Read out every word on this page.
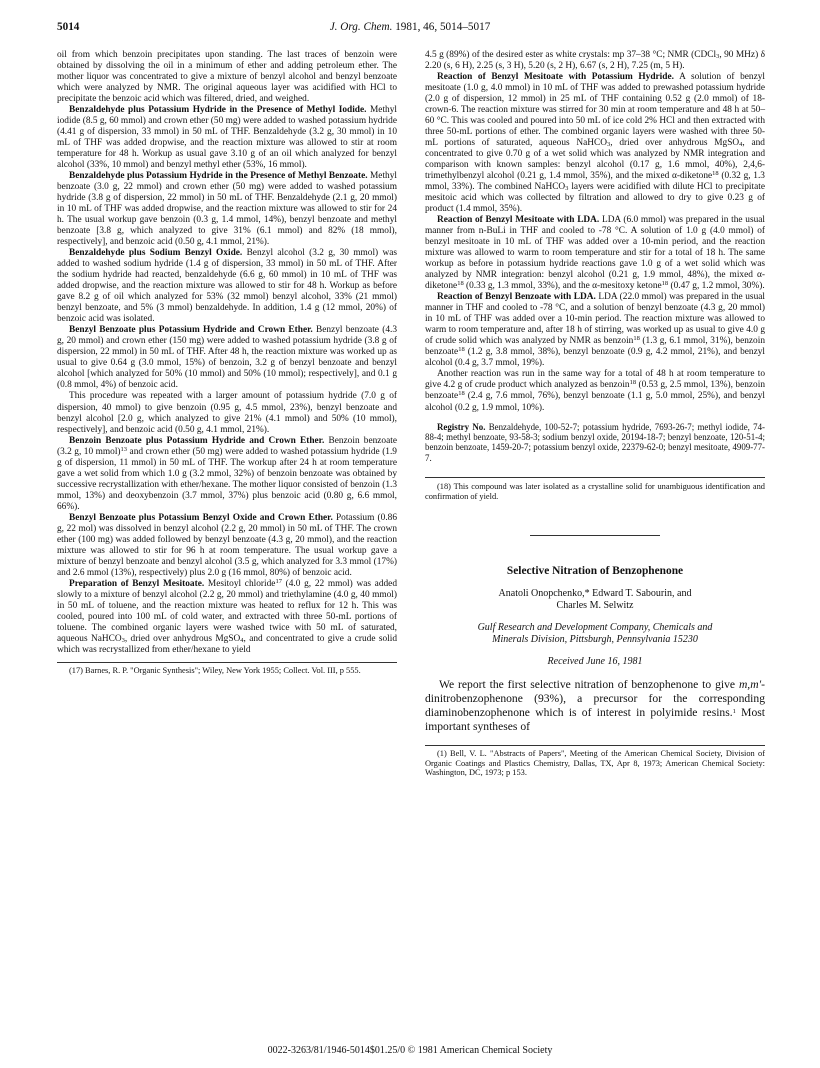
5014	J. Org. Chem. 1981, 46, 5014–5017

oil from which benzoin precipitates upon standing. The last traces of benzoin were obtained by dissolving the oil in a minimum of ether and adding petroleum ether. The mother liquor was concentrated to give a mixture of benzyl alcohol and benzyl benzoate which were analyzed by NMR. The original aqueous layer was acidified with HCl to precipitate the benzoic acid which was filtered, dried, and weighed.

Benzaldehyde plus Potassium Hydride in the Presence of Methyl Iodide. Methyl iodide (8.5 g, 60 mmol) and crown ether (50 mg) were added to washed potassium hydride (4.41 g of dispersion, 33 mmol) in 50 mL of THF. Benzaldehyde (3.2 g, 30 mmol) in 10 mL of THF was added dropwise, and the reaction mixture was allowed to stir at room temperature for 48 h. Workup as usual gave 3.10 g of an oil which analyzed for benzyl alcohol (33%, 10 mmol) and benzyl methyl ether (53%, 16 mmol).

Benzaldehyde plus Potassium Hydride in the Presence of Methyl Benzoate. Methyl benzoate (3.0 g, 22 mmol) and crown ether (50 mg) were added to washed potassium hydride (3.8 g of dispersion, 22 mmol) in 50 mL of THF. Benzaldehyde (2.1 g, 20 mmol) in 10 mL of THF was added dropwise, and the reaction mixture was allowed to stir for 24 h. The usual workup gave benzoin (0.3 g, 1.4 mmol, 14%), benzyl benzoate and methyl benzoate [3.8 g, which analyzed to give 31% (6.1 mmol) and 82% (18 mmol), respectively], and benzoic acid (0.50 g, 4.1 mmol, 21%).

Benzaldehyde plus Sodium Benzyl Oxide. Benzyl alcohol (3.2 g, 30 mmol) was added to washed sodium hydride (1.4 g of dispersion, 33 mmol) in 50 mL of THF. After the sodium hydride had reacted, benzaldehyde (6.6 g, 60 mmol) in 10 mL of THF was added dropwise, and the reaction mixture was allowed to stir for 48 h. Workup as before gave 8.2 g of oil which analyzed for 53% (32 mmol) benzyl alcohol, 33% (21 mmol) benzyl benzoate, and 5% (3 mmol) benzaldehyde. In addition, 1.4 g (12 mmol, 20%) of benzoic acid was isolated.

Benzyl Benzoate plus Potassium Hydride and Crown Ether. Benzyl benzoate (4.3 g, 20 mmol) and crown ether (150 mg) were added to washed potassium hydride (3.8 g of dispersion, 22 mmol) in 50 mL of THF. After 48 h, the reaction mixture was worked up as usual to give 0.64 g (3.0 mmol, 15%) of benzoin, 3.2 g of benzyl benzoate and benzyl alcohol [which analyzed for 50% (10 mmol) and 50% (10 mmol); respectively], and 0.1 g (0.8 mmol, 4%) of benzoic acid.

This procedure was repeated with a larger amount of potassium hydride (7.0 g of dispersion, 40 mmol) to give benzoin (0.95 g, 4.5 mmol, 23%), benzyl benzoate and benzyl alcohol [2.0 g, which analyzed to give 21% (4.1 mmol) and 50% (10 mmol), respectively], and benzoic acid (0.50 g, 4.1 mmol, 21%).

Benzoin Benzoate plus Potassium Hydride and Crown Ether. Benzoin benzoate (3.2 g, 10 mmol)$^{13}$ and crown ether (50 mg) were added to washed potassium hydride (1.9 g of dispersion, 11 mmol) in 50 mL of THF. The workup after 24 h at room temperature gave a wet solid from which 1.0 g (3.2 mmol, 32%) of benzoin benzoate was obtained by successive recrystallization with ether/hexane. The mother liquor consisted of benzoin (1.3 mmol, 13%) and deoxybenzoin (3.7 mmol, 37%) plus benzoic acid (0.80 g, 6.6 mmol, 66%).

Benzyl Benzoate plus Potassium Benzyl Oxide and Crown Ether. Potassium (0.86 g, 22 mol) was dissolved in benzyl alcohol (2.2 g, 20 mmol) in 50 mL of THF. The crown ether (100 mg) was added followed by benzyl benzoate (4.3 g, 20 mmol), and the reaction mixture was allowed to stir for 96 h at room temperature. The usual workup gave a mixture of benzyl benzoate and benzyl alcohol (3.5 g, which analyzed for 3.3 mmol (17%) and 2.6 mmol (13%), respectively) plus 2.0 g (16 mmol, 80%) of benzoic acid.

Preparation of Benzyl Mesitoate. Mesitoyl chloride$^{17}$ (4.0 g, 22 mmol) was added slowly to a mixture of benzyl alcohol (2.2 g, 20 mmol) and triethylamine (4.0 g, 40 mmol) in 50 mL of toluene, and the reaction mixture was heated to reflux for 12 h. This was cooled, poured into 100 mL of cold water, and extracted with three 50-mL portions of toluene. The combined organic layers were washed twice with 50 mL of saturated, aqueous NaHCO$_3$, dried over anhydrous MgSO$_4$, and concentrated to give a crude solid which was recrystallized from ether/hexane to yield

(17) Barnes, R. P. "Organic Synthesis"; Wiley, New York 1955; Collect. Vol. III, p 555.

4.5 g (89%) of the desired ester as white crystals: mp 37–38 °C; NMR (CDCl$_3$, 90 MHz) δ 2.20 (s, 6 H), 2.25 (s, 3 H), 5.20 (s, 2 H), 6.67 (s, 2 H), 7.25 (m, 5 H).

Reaction of Benzyl Mesitoate with Potassium Hydride. A solution of benzyl mesitoate (1.0 g, 4.0 mmol) in 10 mL of THF was added to prewashed potassium hydride (2.0 g of dispersion, 12 mmol) in 25 mL of THF containing 0.52 g (2.0 mmol) of 18-crown-6. The reaction mixture was stirred for 30 min at room temperature and 48 h at 50–60 °C. This was cooled and poured into 50 mL of ice cold 2% HCl and then extracted with three 50-mL portions of ether. The combined organic layers were washed with three 50-mL portions of saturated, aqueous NaHCO$_3$, dried over anhydrous MgSO$_4$, and concentrated to give 0.70 g of a wet solid which was analyzed by NMR integration and comparison with known samples: benzyl alcohol (0.17 g, 1.6 mmol, 40%), 2,4,6-trimethylbenzyl alcohol (0.21 g, 1.4 mmol, 35%), and the mixed α-diketone$^{18}$ (0.32 g, 1.3 mmol, 33%). The combined NaHCO$_3$ layers were acidified with dilute HCl to precipitate mesitoic acid which was collected by filtration and allowed to dry to give 0.23 g of product (1.4 mmol, 35%).

Reaction of Benzyl Mesitoate with LDA. LDA (6.0 mmol) was prepared in the usual manner from n-BuLi in THF and cooled to -78 °C. A solution of 1.0 g (4.0 mmol) of benzyl mesitoate in 10 mL of THF was added over a 10-min period, and the reaction mixture was allowed to warm to room temperature and stir for a total of 18 h. The same workup as before in potassium hydride reactions gave 1.0 g of a wet solid which was analyzed by NMR integration: benzyl alcohol (0.21 g, 1.9 mmol, 48%), the mixed α-diketone$^{18}$ (0.33 g, 1.3 mmol, 33%), and the α-mesitoxy ketone$^{18}$ (0.47 g, 1.2 mmol, 30%).

Reaction of Benzyl Benzoate with LDA. LDA (22.0 mmol) was prepared in the usual manner in THF and cooled to -78 °C, and a solution of benzyl benzoate (4.3 g, 20 mmol) in 10 mL of THF was added over a 10-min period. The reaction mixture was allowed to warm to room temperature and, after 18 h of stirring, was worked up as usual to give 4.0 g of crude solid which was analyzed by NMR as benzoin$^{18}$ (1.3 g, 6.1 mmol, 31%), benzoin benzoate$^{18}$ (1.2 g, 3.8 mmol, 38%), benzyl benzoate (0.9 g, 4.2 mmol, 21%), and benzyl alcohol (0.4 g, 3.7 mmol, 19%).

Another reaction was run in the same way for a total of 48 h at room temperature to give 4.2 g of crude product which analyzed as benzoin$^{18}$ (0.53 g, 2.5 mmol, 13%), benzoin benzoate$^{18}$ (2.4 g, 7.6 mmol, 76%), benzyl benzoate (1.1 g, 5.0 mmol, 25%), and benzyl alcohol (0.2 g, 1.9 mmol, 10%).

Registry No. Benzaldehyde, 100-52-7; potassium hydride, 7693-26-7; methyl iodide, 74-88-4; methyl benzoate, 93-58-3; sodium benzyl oxide, 20194-18-7; benzyl benzoate, 120-51-4; benzoin benzoate, 1459-20-7; potassium benzyl oxide, 22379-62-0; benzyl mesitoate, 4909-77-7.

(18) This compound was later isolated as a crystalline solid for unambiguous identification and confirmation of yield.

Selective Nitration of Benzophenone

Anatoli Onopchenko,* Edward T. Sabourin, and

Charles M. Selwitz

Gulf Research and Development Company, Chemicals and

Minerals Division, Pittsburgh, Pennsylvania 15230

Received June 16, 1981

We report the first selective nitration of benzophenone to give m,m′-dinitrobenzophenone (93%), a precursor for the corresponding diaminobenzophenone which is of interest in polyimide resins.$^1$ Most important syntheses of

(1) Bell, V. L. "Abstracts of Papers", Meeting of the American Chemical Society, Division of Organic Coatings and Plastics Chemistry, Dallas, TX, Apr 8, 1973; American Chemical Society: Washington, DC, 1973; p 153.

0022-3263/81/1946-5014$01.25/0 © 1981 American Chemical Society
